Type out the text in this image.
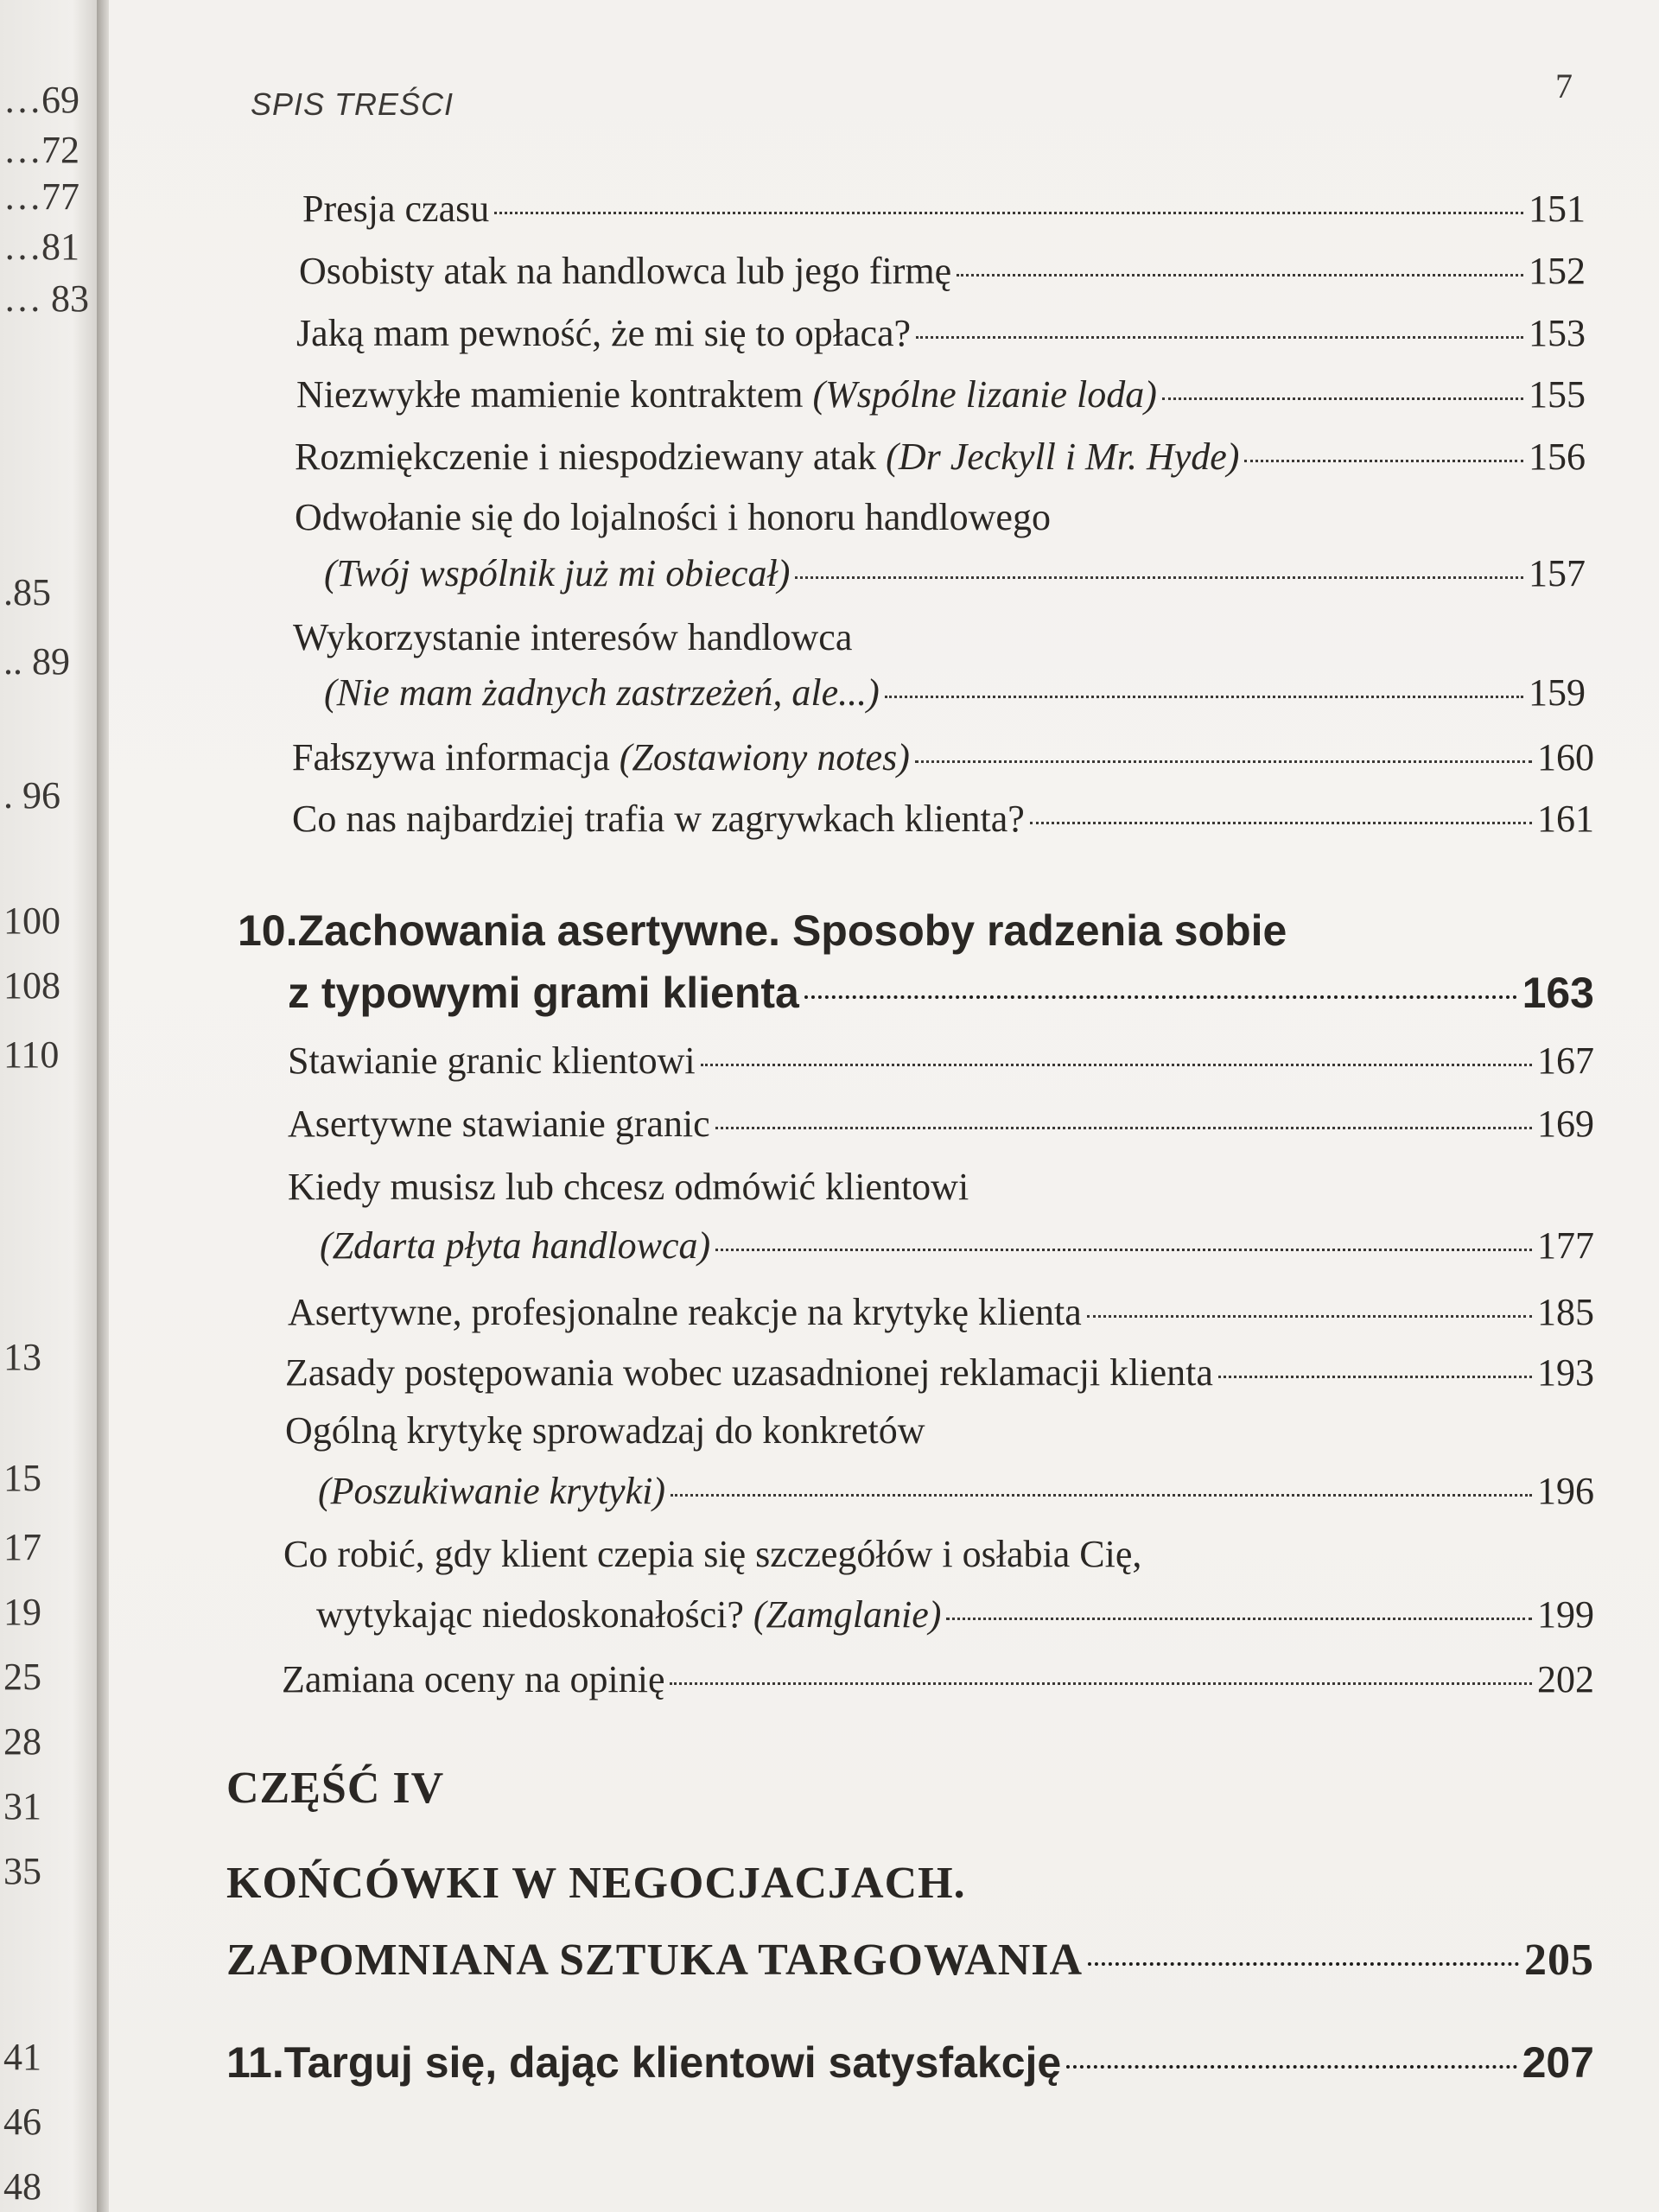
…69
…72
…77
…81
… 83
.85
.. 89
. 96
100
108
110
13
15
17
19
25
28
31
35
41
46
48
SPIS TREŚCI	7
Presja czasu	151
Osobisty atak na handlowca lub jego firmę	152
Jaką mam pewność, że mi się to opłaca?	153
Niezwykłe mamienie kontraktem (Wspólne lizanie loda)	155
Rozmiękczenie i niespodziewany atak (Dr Jeckyll i Mr. Hyde)	156
Odwołanie się do lojalności i honoru handlowego
(Twój wspólnik już mi obiecał)	157
Wykorzystanie interesów handlowca
(Nie mam żadnych zastrzeżeń, ale...)	159
Fałszywa informacja (Zostawiony notes)	160
Co nas najbardziej trafia w zagrywkach klienta?	161
10.Zachowania asertywne. Sposoby radzenia sobie
z typowymi grami klienta	163
Stawianie granic klientowi	167
Asertywne stawianie granic	169
Kiedy musisz lub chcesz odmówić klientowi
(Zdarta płyta handlowca)	177
Asertywne, profesjonalne reakcje na krytykę klienta	185
Zasady postępowania wobec uzasadnionej reklamacji klienta	193
Ogólną krytykę sprowadzaj do konkretów
(Poszukiwanie krytyki)	196
Co robić, gdy klient czepia się szczegółów i osłabia Cię,
wytykając niedoskonałości? (Zamglanie)	199
Zamiana oceny na opinię	202
CZĘŚĆ IV
KOŃCÓWKI W NEGOCJACJACH.
ZAPOMNIANA SZTUKA TARGOWANIA	205
11.Targuj się, dając klientowi satysfakcję	207
